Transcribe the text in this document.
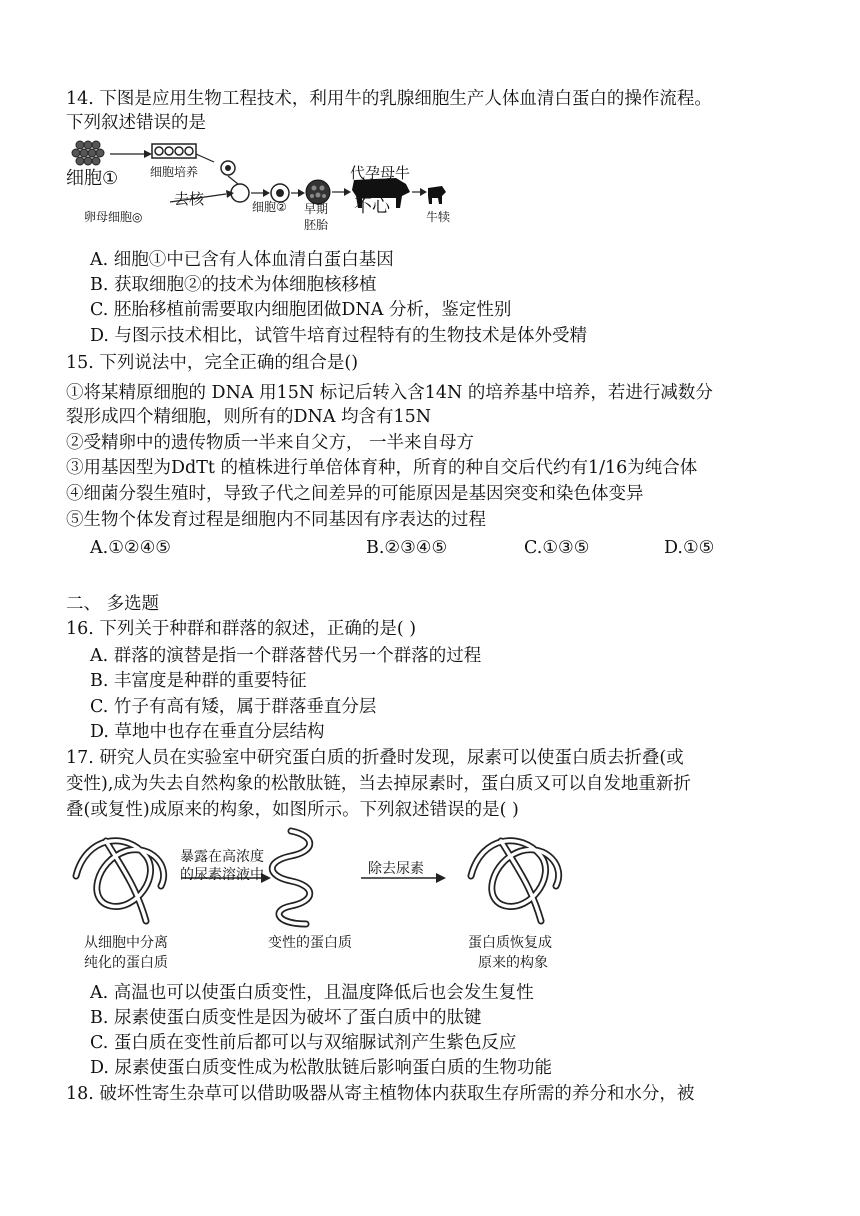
14. 下图是应用生物工程技术，利用牛的乳腺细胞生产人体血清白蛋白的操作流程。
下列叙述错误的是
细胞①	细胞培养
去核
卵母细胞◎
细胞② 早期
胚胎
代孕母牛
不心	牛犊
A. 细胞①中已含有人体血清白蛋白基因
B. 获取细胞②的技术为体细胞核移植
C. 胚胎移植前需要取内细胞团做DNA 分析，鉴定性别
D. 与图示技术相比，试管牛培育过程特有的生物技术是体外受精
15. 下列说法中，完全正确的组合是()
①将某精原细胞的 DNA 用15N 标记后转入含14N 的培养基中培养，若进行减数分
裂形成四个精细胞，则所有的DNA 均含有15N
②受精卵中的遗传物质一半来自父方， 一半来自母方
③用基因型为DdTt 的植株进行单倍体育种，所育的种自交后代约有1/16为纯合体
④细菌分裂生殖时，导致子代之间差异的可能原因是基因突变和染色体变异
⑤生物个体发育过程是细胞内不同基因有序表达的过程
A.①②④⑤	B.②③④⑤	C.①③⑤	D.①⑤
二、 多选题
16. 下列关于种群和群落的叙述，正确的是( )
A. 群落的演替是指一个群落替代另一个群落的过程
B. 丰富度是种群的重要特征
C. 竹子有高有矮，属于群落垂直分层
D. 草地中也存在垂直分层结构
17. 研究人员在实验室中研究蛋白质的折叠时发现，尿素可以使蛋白质去折叠(或
变性),成为失去自然构象的松散肽链，当去掉尿素时，蛋白质又可以自发地重新折
叠(或复性)成原来的构象，如图所示。下列叙述错误的是( )
暴露在高浓度
的尿素溶液中	除去尿素
从细胞中分离
纯化的蛋白质
变性的蛋白质	蛋白质恢复成
原来的构象
A. 高温也可以使蛋白质变性，且温度降低后也会发生复性
B. 尿素使蛋白质变性是因为破坏了蛋白质中的肽键
C. 蛋白质在变性前后都可以与双缩脲试剂产生紫色反应
D. 尿素使蛋白质变性成为松散肽链后影响蛋白质的生物功能
18. 破坏性寄生杂草可以借助吸器从寄主植物体内获取生存所需的养分和水分，被
